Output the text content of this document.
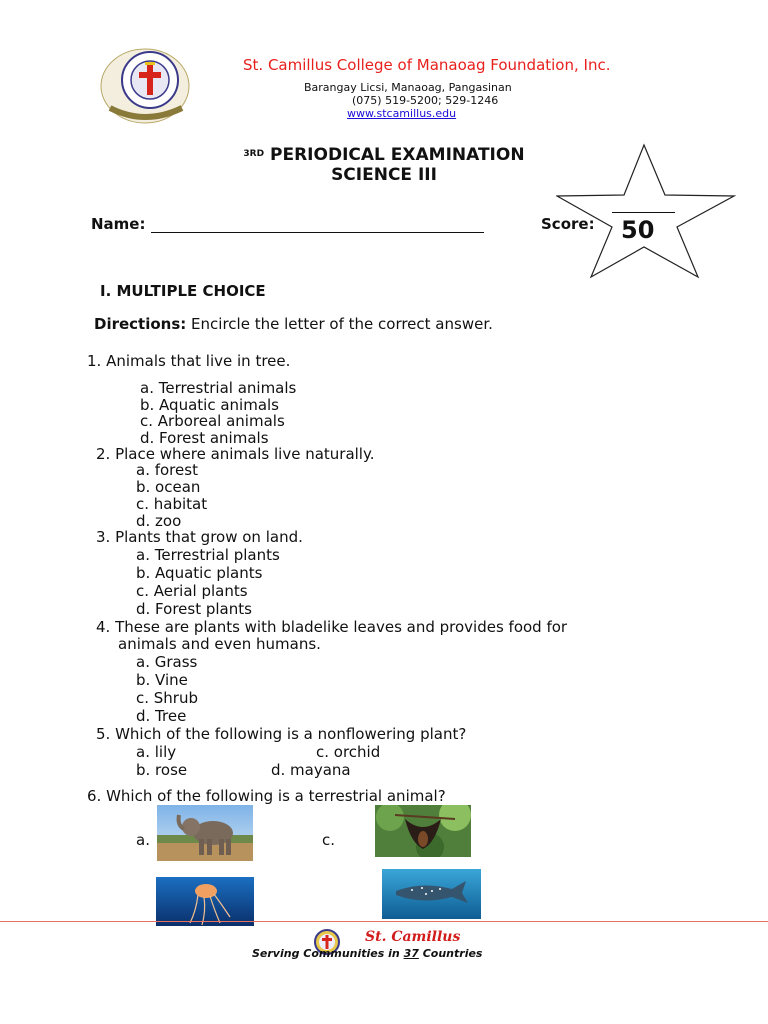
St. Camillus College of Manaoag Foundation, Inc.
Barangay Licsi, Manaoag, Pangasinan
(075) 519-5200; 529-1246
www.stcamillus.edu
$^{3RD}$ PERIODICAL EXAMINATION
SCIENCE III
Name:	Score: 50
I. MULTIPLE CHOICE
Directions: Encircle the letter of the correct answer.
1. Animals that live in tree.
a. Terrestrial animals
b. Aquatic animals
c. Arboreal animals
d. Forest animals
2. Place where animals live naturally.
a. forest
b. ocean
c. habitat
d. zoo
3. Plants that grow on land.
a. Terrestrial plants
b. Aquatic plants
c. Aerial plants
d. Forest plants
4. These are plants with bladelike leaves and provides food for
animals and even humans.
a. Grass
b. Vine
c. Shrub
d. Tree
5. Which of the following is a nonflowering plant?
a. lily	c. orchid
b. rose	d. mayana
6. Which of the following is a terrestrial animal?
a.	c.
St. Camillus
Serving Communities in 37 Countries
